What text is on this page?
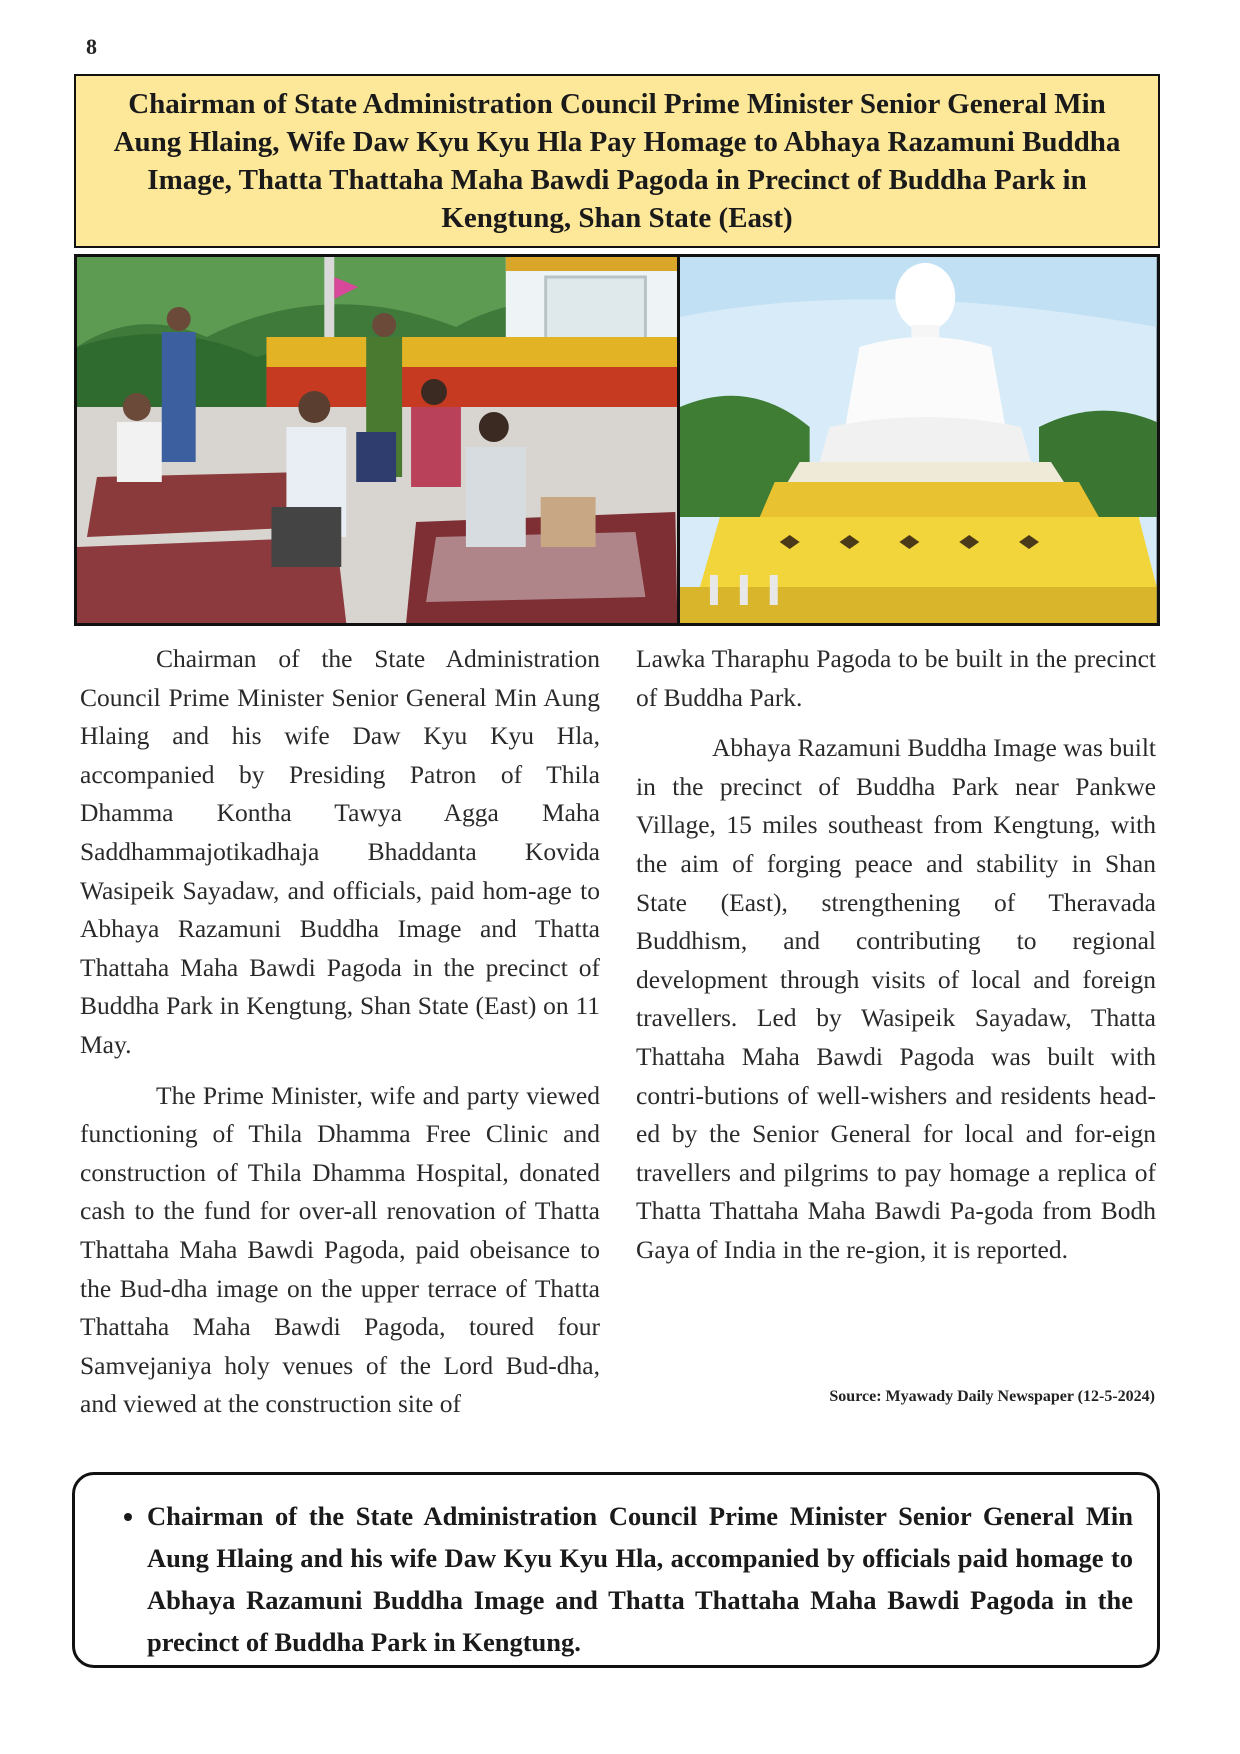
8
Chairman of State Administration Council Prime Minister Senior General Min Aung Hlaing, Wife Daw Kyu Kyu Hla Pay Homage to Abhaya Razamuni Buddha Image, Thatta Thattaha Maha Bawdi Pagoda in Precinct of Buddha Park in Kengtung, Shan State (East)

Chairman of the State Administration Council Prime Minister Senior General Min Aung Hlaing and his wife Daw Kyu Kyu Hla, accompanied by Presiding Patron of Thila Dhamma Kontha Tawya Agga Maha Saddhammajotikadhaja Bhaddanta Kovida Wasipeik Sayadaw, and officials, paid hom-age to Abhaya Razamuni Buddha Image and Thatta Thattaha Maha Bawdi Pagoda in the precinct of Buddha Park in Kengtung, Shan State (East) on 11 May.

The Prime Minister, wife and party viewed functioning of Thila Dhamma Free Clinic and construction of Thila Dhamma Hospital, donated cash to the fund for over-all renovation of Thatta Thattaha Maha Bawdi Pagoda, paid obeisance to the Bud-dha image on the upper terrace of Thatta Thattaha Maha Bawdi Pagoda, toured four Samvejaniya holy venues of the Lord Bud-dha, and viewed at the construction site of

Lawka Tharaphu Pagoda to be built in the precinct of Buddha Park.

Abhaya Razamuni Buddha Image was built in the precinct of Buddha Park near Pankwe Village, 15 miles southeast from Kengtung, with the aim of forging peace and stability in Shan State (East), strengthening of Theravada Buddhism, and contributing to regional development through visits of local and foreign travellers. Led by Wasipeik Sayadaw, Thatta Thattaha Maha Bawdi Pagoda was built with contri-butions of well-wishers and residents head-ed by the Senior General for local and for-eign travellers and pilgrims to pay homage a replica of Thatta Thattaha Maha Bawdi Pa-goda from Bodh Gaya of India in the re-gion, it is reported.

Source: Myawady Daily Newspaper (12-5-2024)
• Chairman of the State Administration Council Prime Minister Senior General Min Aung Hlaing and his wife Daw Kyu Kyu Hla, accompanied by officials paid homage to Abhaya Razamuni Buddha Image and Thatta Thattaha Maha Bawdi Pagoda in the precinct of Buddha Park in Kengtung.
